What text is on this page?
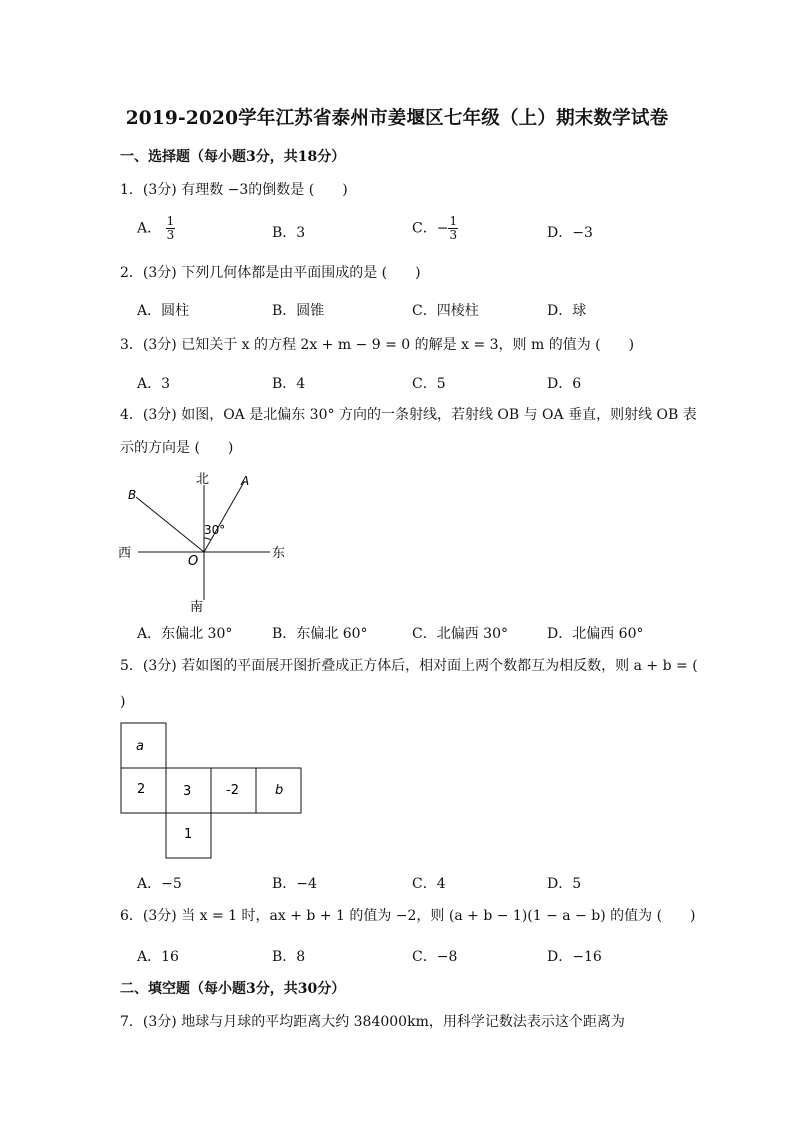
2019-2020学年江苏省泰州市姜堰区七年级（上）期末数学试卷
一、选择题（每小题3分，共18分）
1．(3分) 有理数 −3的倒数是 (　　)
A． $\frac{1}{3}$	B．3	C．− $\frac{1}{3}$	D．−3
2．(3分) 下列几何体都是由平面围成的是 (　　)
A．圆柱	B．圆锥	C．四棱柱	D．球
3．(3分) 已知关于 x 的方程 2x + m − 9 = 0 的解是 x = 3，则 m 的值为 (　　)
A．3	B．4	C．5	D．6
4．(3分) 如图，OA 是北偏东 30° 方向的一条射线，若射线 OB 与 OA 垂直，则射线 OB 表
示的方向是 (　　)
北
南
西	东
O
A
B
30°
A．东偏北 30°	B．东偏北 60°	C．北偏西 30°	D．北偏西 60°
5．(3分) 若如图的平面展开图折叠成正方体后，相对面上两个数都互为相反数，则 a + b = (
)
a
2	3	-2	b
1
A．−5	B．−4	C．4	D．5
6．(3分) 当 x = 1 时，ax + b + 1 的值为 −2，则 (a + b − 1)(1 − a − b) 的值为 (　　)
A．16	B．8	C．−8	D．−16
二、填空题（每小题3分，共30分）
7．(3分) 地球与月球的平均距离大约 384000km，用科学记数法表示这个距离为
